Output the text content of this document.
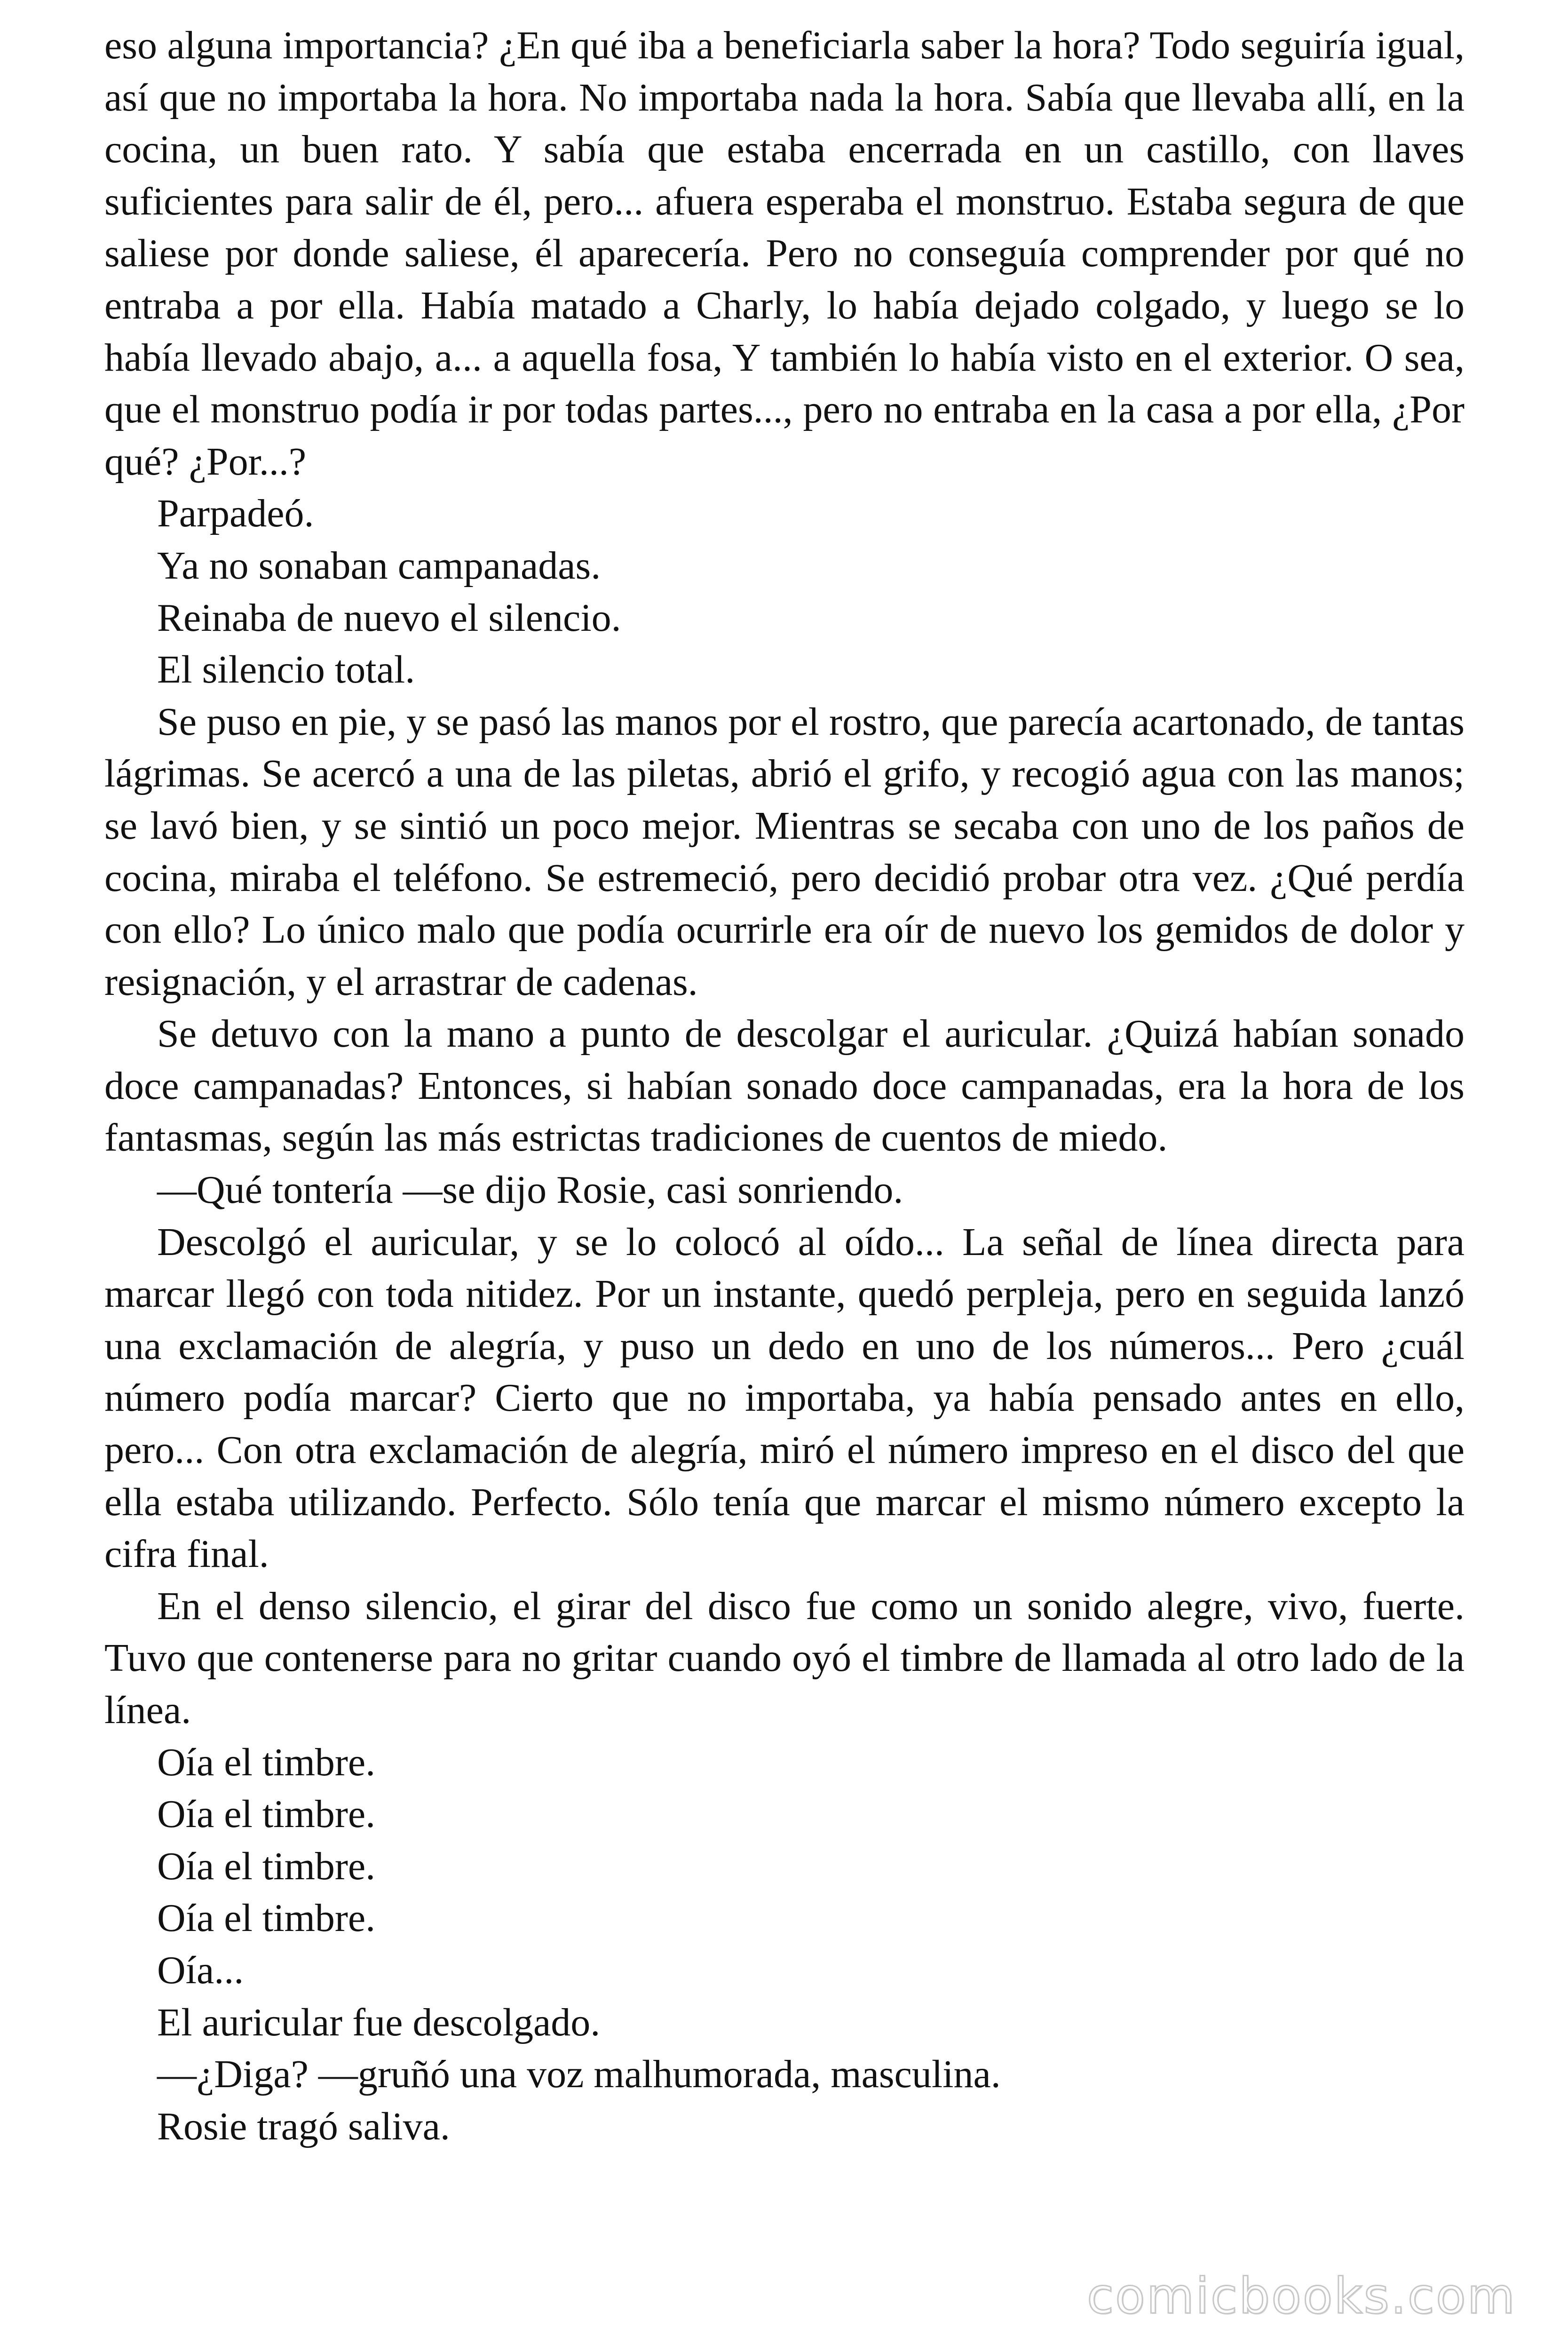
eso alguna importancia? ¿En qué iba a beneficiarla saber la hora? Todo seguiría igual, así que no importaba la hora. No importaba nada la hora. Sabía que llevaba allí, en la cocina, un buen rato. Y sabía que estaba encerrada en un castillo, con llaves suficientes para salir de él, pero... afuera esperaba el monstruo. Estaba segura de que saliese por donde saliese, él aparecería. Pero no conseguía comprender por qué no entraba a por ella. Había matado a Charly, lo había dejado colgado, y luego se lo había llevado abajo, a... a aquella fosa, Y también lo había visto en el exterior. O sea, que el monstruo podía ir por todas partes..., pero no entraba en la casa a por ella, ¿Por qué? ¿Por...?

Parpadeó.

Ya no sonaban campanadas.

Reinaba de nuevo el silencio.

El silencio total.

Se puso en pie, y se pasó las manos por el rostro, que parecía acartonado, de tantas lágrimas. Se acercó a una de las piletas, abrió el grifo, y recogió agua con las manos; se lavó bien, y se sintió un poco mejor. Mientras se secaba con uno de los paños de cocina, miraba el teléfono. Se estremeció, pero decidió probar otra vez. ¿Qué perdía con ello? Lo único malo que podía ocurrirle era oír de nuevo los gemidos de dolor y resignación, y el arrastrar de cadenas.

Se detuvo con la mano a punto de descolgar el auricular. ¿Quizá habían sonado doce campanadas? Entonces, si habían sonado doce campanadas, era la hora de los fantasmas, según las más estrictas tradiciones de cuentos de miedo.

—Qué tontería —se dijo Rosie, casi sonriendo.

Descolgó el auricular, y se lo colocó al oído... La señal de línea directa para marcar llegó con toda nitidez. Por un instante, quedó perpleja, pero en seguida lanzó una exclamación de alegría, y puso un dedo en uno de los números... Pero ¿cuál número podía marcar? Cierto que no importaba, ya había pensado antes en ello, pero... Con otra exclamación de alegría, miró el número impreso en el disco del que ella estaba utilizando. Perfecto. Sólo tenía que marcar el mismo número excepto la cifra final.

En el denso silencio, el girar del disco fue como un sonido alegre, vivo, fuerte. Tuvo que contenerse para no gritar cuando oyó el timbre de llamada al otro lado de la línea.

Oía el timbre.

Oía el timbre.

Oía el timbre.

Oía el timbre.

Oía...

El auricular fue descolgado.

—¿Diga? —gruñó una voz malhumorada, masculina.

Rosie tragó saliva.

comicbooks.com
